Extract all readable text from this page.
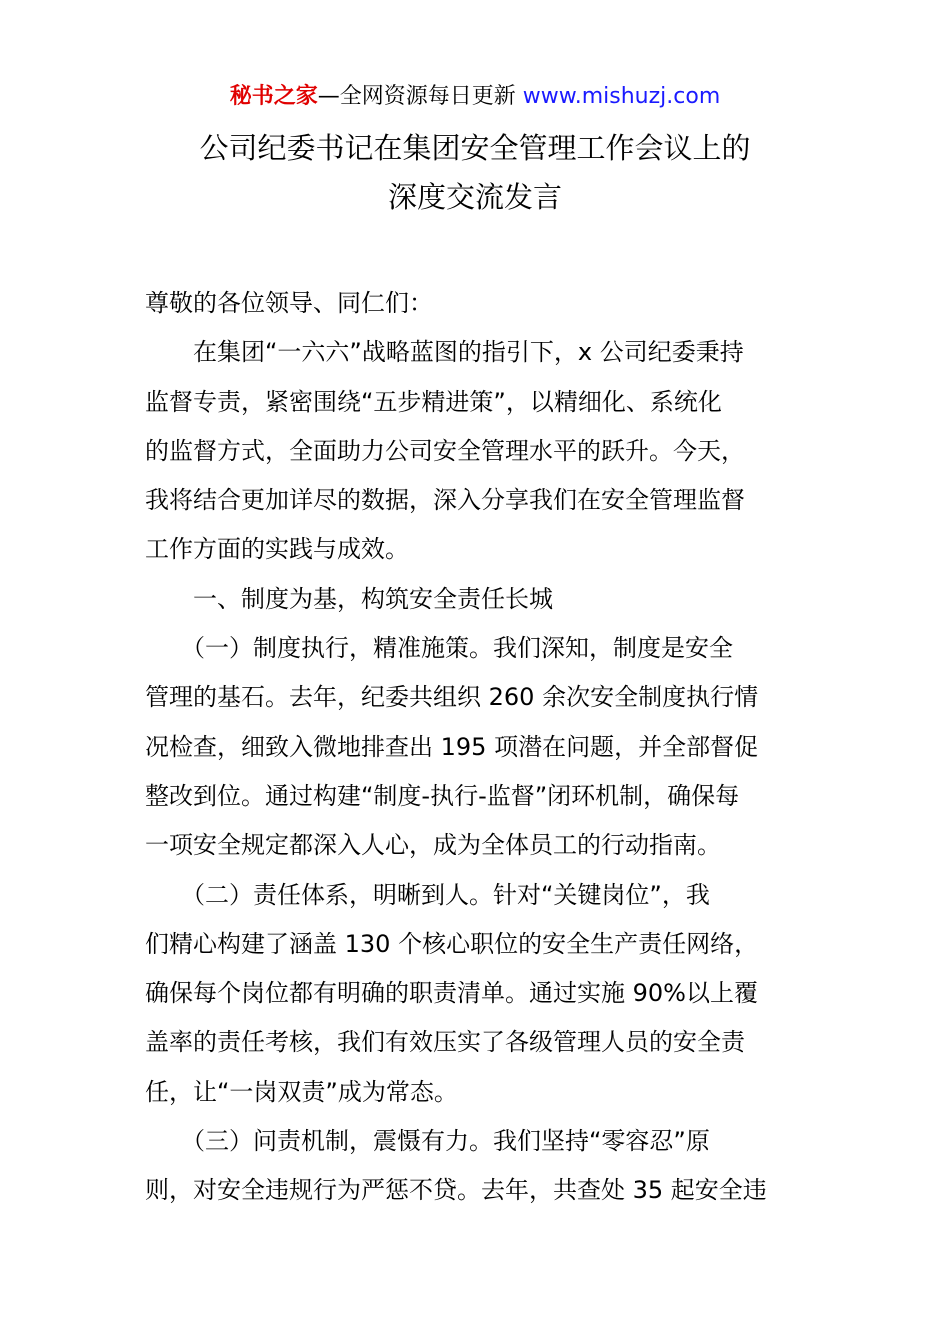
秘书之家—全网资源每日更新 www.mishuzj.com
公司纪委书记在集团安全管理工作会议上的
深度交流发言
尊敬的各位领导、同仁们：
　　在集团“一六六”战略蓝图的指引下，x 公司纪委秉持
监督专责，紧密围绕“五步精进策”，以精细化、系统化
的监督方式，全面助力公司安全管理水平的跃升。今天，
我将结合更加详尽的数据，深入分享我们在安全管理监督
工作方面的实践与成效。
　　一、制度为基，构筑安全责任长城
　　（一）制度执行，精准施策。我们深知，制度是安全
管理的基石。去年，纪委共组织 260 余次安全制度执行情
况检查，细致入微地排查出 195 项潜在问题，并全部督促
整改到位。通过构建“制度-执行-监督”闭环机制，确保每
一项安全规定都深入人心，成为全体员工的行动指南。
　　（二）责任体系，明晰到人。针对“关键岗位”，我
们精心构建了涵盖 130 个核心职位的安全生产责任网络，
确保每个岗位都有明确的职责清单。通过实施 90%以上覆
盖率的责任考核，我们有效压实了各级管理人员的安全责
任，让“一岗双责”成为常态。
　　（三）问责机制，震慑有力。我们坚持“零容忍”原
则，对安全违规行为严惩不贷。去年，共查处 35 起安全违
